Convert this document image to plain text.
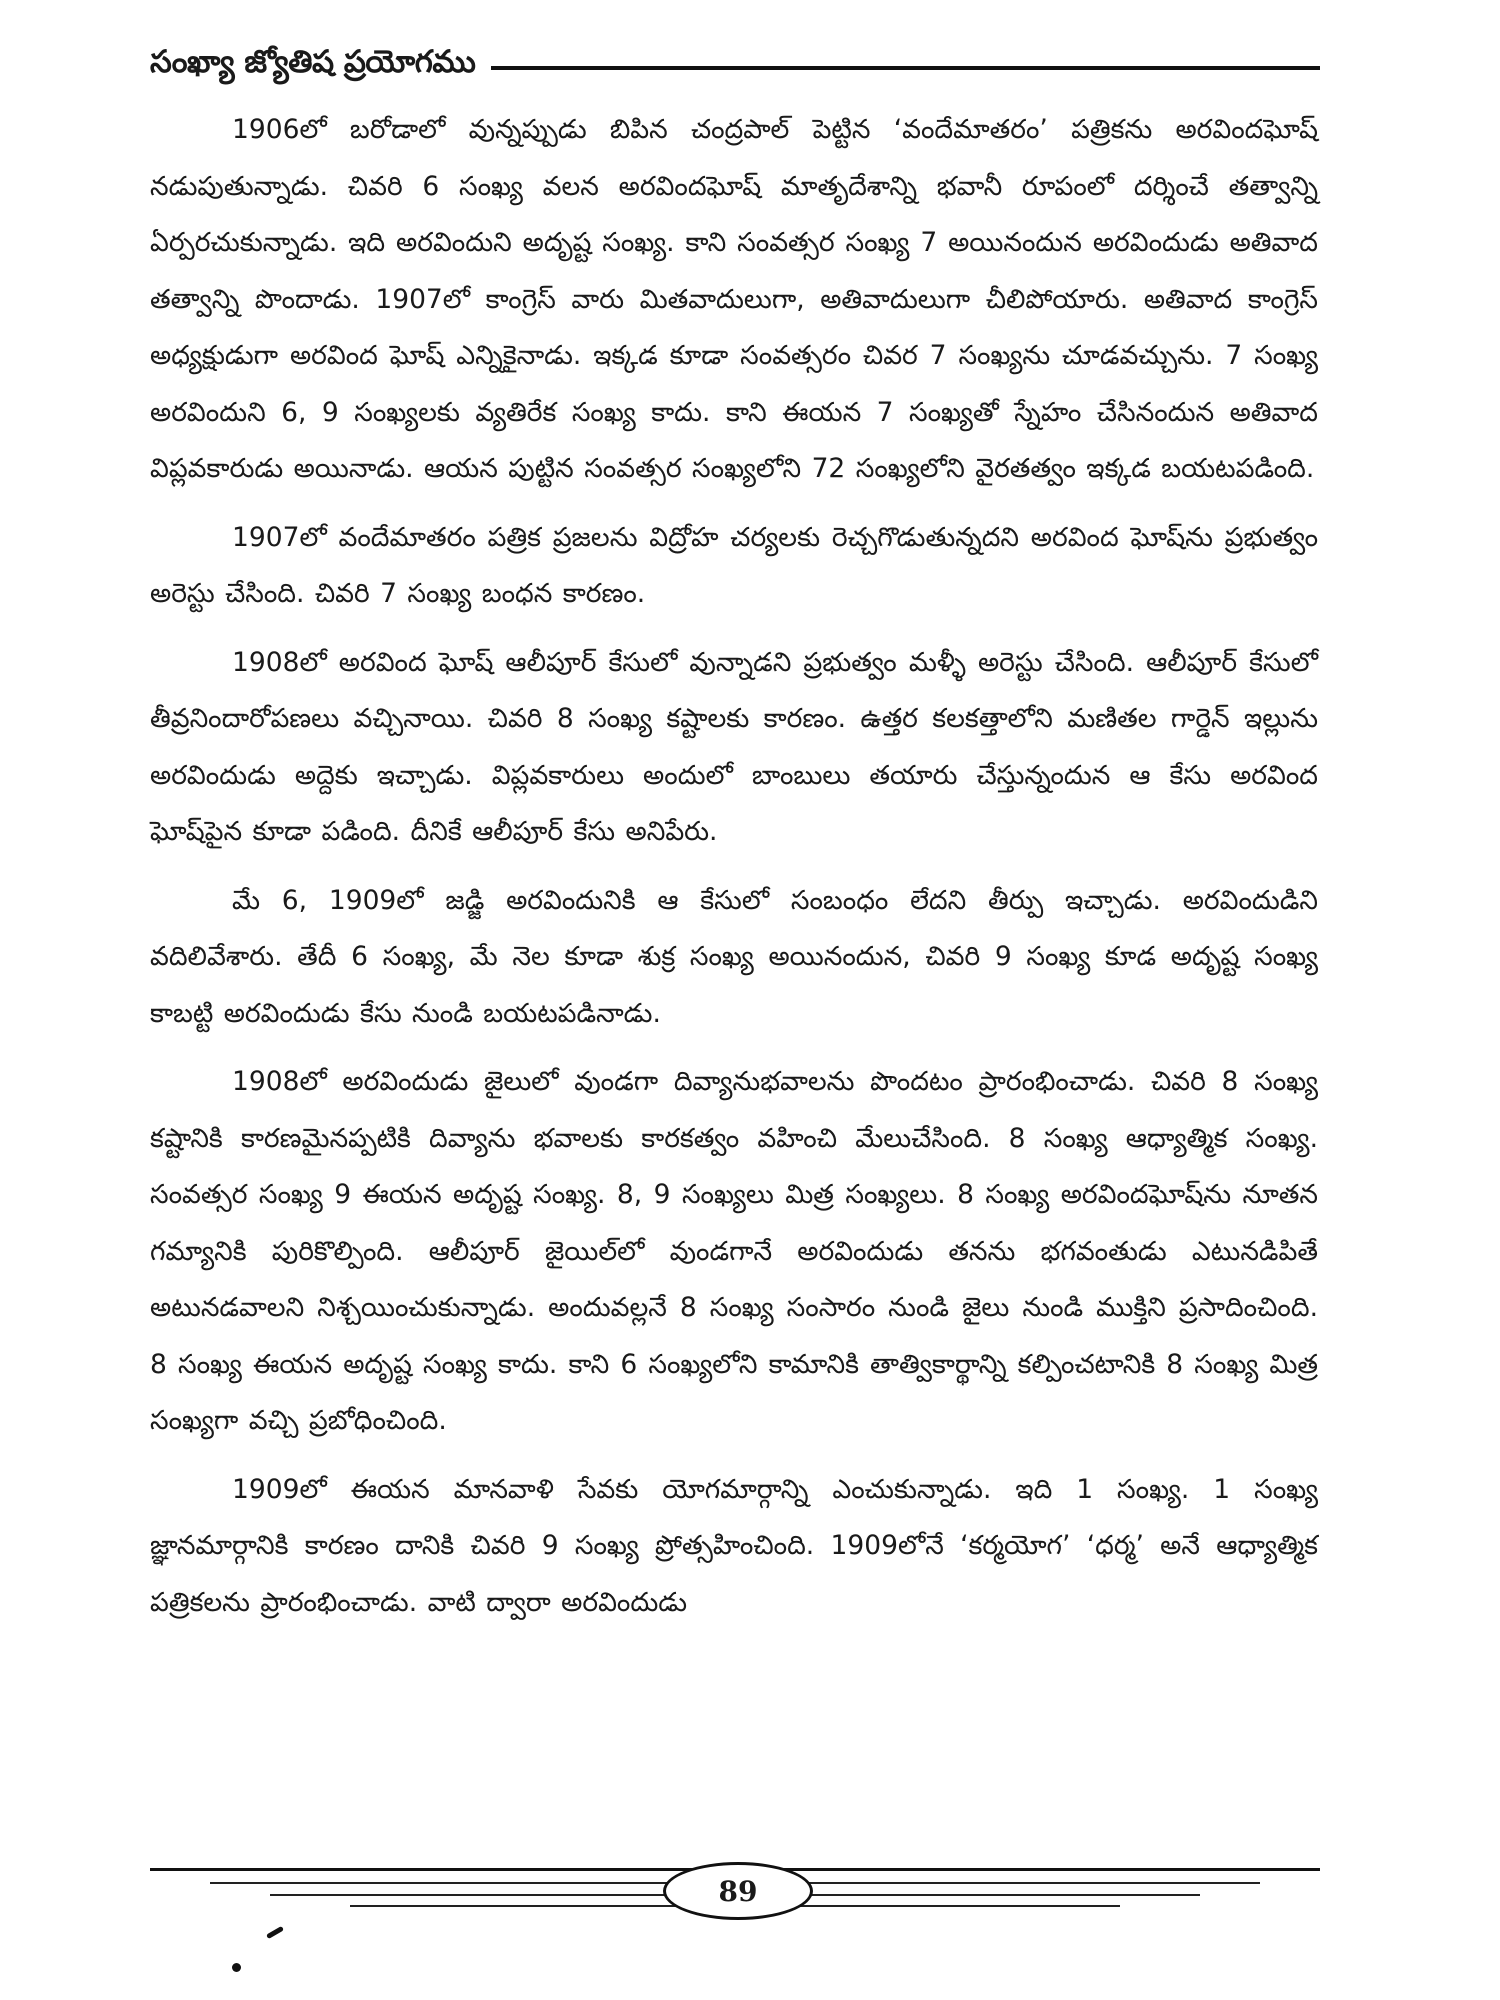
సంఖ్యా జ్యోతిష ప్రయోగము

1906లో బరోడాలో వున్నప్పుడు బిపిన చంద్రపాల్ పెట్టిన ‘వందేమాతరం’ పత్రికను అరవిందఘోష్ నడుపుతున్నాడు. చివరి 6 సంఖ్య వలన అరవిందఘోష్ మాతృదేశాన్ని భవానీ రూపంలో దర్శించే తత్వాన్ని ఏర్పరచుకున్నాడు. ఇది అరవిందుని అదృష్ట సంఖ్య. కాని సంవత్సర సంఖ్య 7 అయినందున అరవిందుడు అతివాద తత్వాన్ని పొందాడు. 1907లో కాంగ్రెస్ వారు మితవాదులుగా, అతివాదులుగా చీలిపోయారు. అతివాద కాంగ్రెస్ అధ్యక్షుడుగా అరవింద ఘోష్ ఎన్నికైనాడు. ఇక్కడ కూడా సంవత్సరం చివర 7 సంఖ్యను చూడవచ్చును. 7 సంఖ్య అరవిందుని 6, 9 సంఖ్యలకు వ్యతిరేక సంఖ్య కాదు. కాని ఈయన 7 సంఖ్యతో స్నేహం చేసినందున అతివాద విప్లవకారుడు అయినాడు. ఆయన పుట్టిన సంవత్సర సంఖ్యలోని 72 సంఖ్యలోని వైరతత్వం ఇక్కడ బయటపడింది.

1907లో వందేమాతరం పత్రిక ప్రజలను విద్రోహ చర్యలకు రెచ్చగొడుతున్నదని అరవింద ఘోష్‌ను ప్రభుత్వం అరెస్టు చేసింది. చివరి 7 సంఖ్య బంధన కారణం.

1908లో అరవింద ఘోష్ ఆలీపూర్ కేసులో వున్నాడని ప్రభుత్వం మళ్ళీ అరెస్టు చేసింది. ఆలీపూర్ కేసులో తీవ్రనిందారోపణలు వచ్చినాయి. చివరి 8 సంఖ్య కష్టాలకు కారణం. ఉత్తర కలకత్తాలోని మణితల గార్డెన్ ఇల్లును అరవిందుడు అద్దెకు ఇచ్చాడు. విప్లవకారులు అందులో బాంబులు తయారు చేస్తున్నందున ఆ కేసు అరవింద ఘోష్‌పైన కూడా పడింది. దీనికే ఆలీపూర్ కేసు అనిపేరు.

మే 6, 1909లో జడ్జి అరవిందునికి ఆ కేసులో సంబంధం లేదని తీర్పు ఇచ్చాడు. అరవిందుడిని వదిలివేశారు. తేదీ 6 సంఖ్య, మే నెల కూడా శుక్ర సంఖ్య అయినందున, చివరి 9 సంఖ్య కూడ అదృష్ట సంఖ్య కాబట్టి అరవిందుడు కేసు నుండి బయటపడినాడు.

1908లో అరవిందుడు జైలులో వుండగా దివ్యానుభవాలను పొందటం ప్రారంభించాడు. చివరి 8 సంఖ్య కష్టానికి కారణమైనప్పటికి దివ్యాను భవాలకు కారకత్వం వహించి మేలుచేసింది. 8 సంఖ్య ఆధ్యాత్మిక సంఖ్య. సంవత్సర సంఖ్య 9 ఈయన అదృష్ట సంఖ్య. 8, 9 సంఖ్యలు మిత్ర సంఖ్యలు. 8 సంఖ్య అరవిందఘోష్‌ను నూతన గమ్యానికి పురికొల్పింది. ఆలీపూర్ జైయిల్‌లో వుండగానే అరవిందుడు తనను భగవంతుడు ఎటునడిపితే అటునడవాలని నిశ్చయించుకున్నాడు. అందువల్లనే 8 సంఖ్య సంసారం నుండి జైలు నుండి ముక్తిని ప్రసాదించింది. 8 సంఖ్య ఈయన అదృష్ట సంఖ్య కాదు. కాని 6 సంఖ్యలోని కామానికి తాత్వికార్థాన్ని కల్పించటానికి 8 సంఖ్య మిత్ర సంఖ్యగా వచ్చి ప్రబోధించింది.

1909లో ఈయన మానవాళి సేవకు యోగమార్గాన్ని ఎంచుకున్నాడు. ఇది 1 సంఖ్య. 1 సంఖ్య జ్ఞానమార్గానికి కారణం దానికి చివరి 9 సంఖ్య ప్రోత్సహించింది. 1909లోనే ‘కర్మయోగ’ ‘ధర్మ’ అనే ఆధ్యాత్మిక పత్రికలను ప్రారంభించాడు. వాటి ద్వారా అరవిందుడు

89
